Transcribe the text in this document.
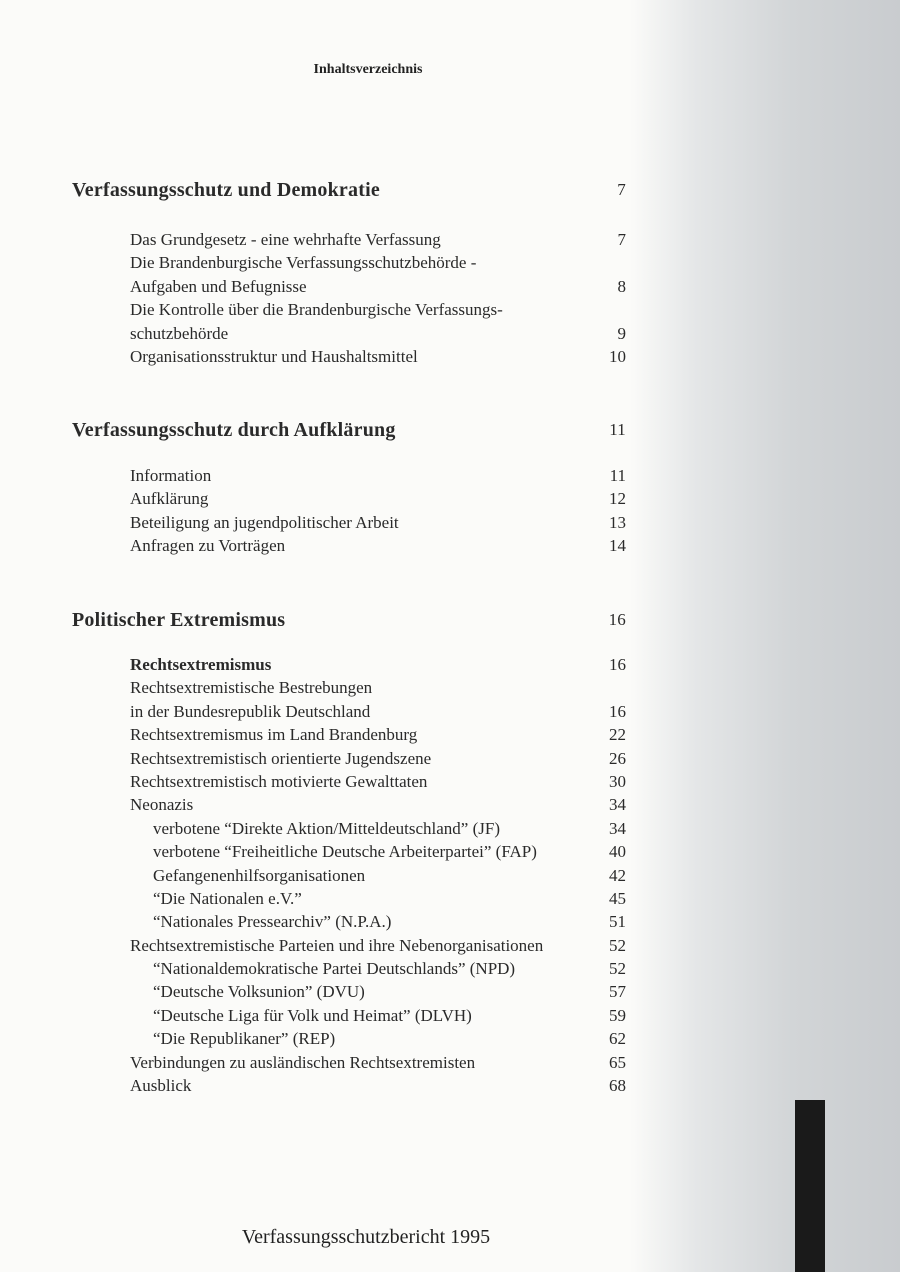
Inhaltsverzeichnis
Verfassungsschutz und Demokratie	7
Das Grundgesetz - eine wehrhafte Verfassung	7
Die Brandenburgische Verfassungsschutzbehörde -
Aufgaben und Befugnisse	8
Die Kontrolle über die Brandenburgische Verfassungs-
schutzbehörde	9
Organisationsstruktur und Haushaltsmittel	10
Verfassungsschutz durch Aufklärung	11
Information	11
Aufklärung	12
Beteiligung an jugendpolitischer Arbeit	13
Anfragen zu Vorträgen	14
Politischer Extremismus	16
Rechtsextremismus	16
Rechtsextremistische Bestrebungen
in der Bundesrepublik Deutschland	16
Rechtsextremismus im Land Brandenburg	22
Rechtsextremistisch orientierte Jugendszene	26
Rechtsextremistisch motivierte Gewalttaten	30
Neonazis	34
verbotene “Direkte Aktion/Mitteldeutschland” (JF)	34
verbotene “Freiheitliche Deutsche Arbeiterpartei” (FAP)	40
Gefangenenhilfsorganisationen	42
“Die Nationalen e.V.”	45
“Nationales Pressearchiv” (N.P.A.)	51
Rechtsextremistische Parteien und ihre Nebenorganisationen	52
“Nationaldemokratische Partei Deutschlands” (NPD)	52
“Deutsche Volksunion” (DVU)	57
“Deutsche Liga für Volk und Heimat” (DLVH)	59
“Die Republikaner” (REP)	62
Verbindungen zu ausländischen Rechtsextremisten	65
Ausblick	68
Verfassungsschutzbericht 1995
